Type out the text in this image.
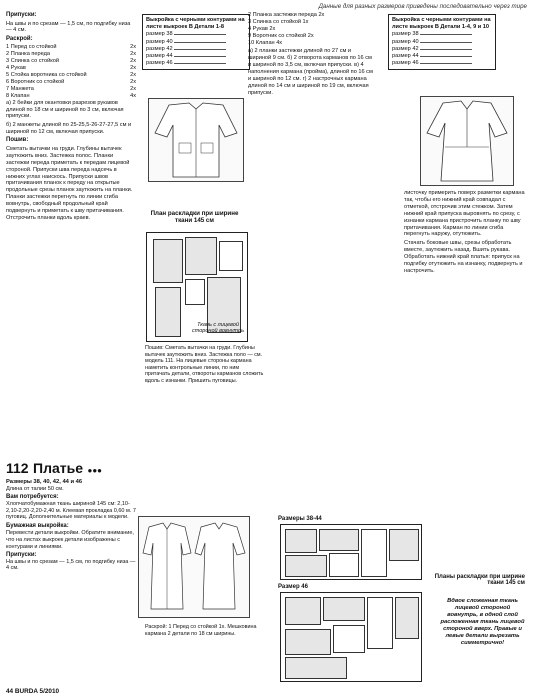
Данные для разных размеров приведены последовательно через тире

Припуски:

На швы и по срезам — 1,5 см, по подгибку низа — 4 см.

Раскрой:

1 Перед со стойкой	2x
2 Планка переда	2x
3 Спинка со стойкой	2x
4 Рукав	2x
5 Стойка воротника со стойкой	2x
6 Воротник со стойкой	2x
7 Манжета	2x
8 Клапан	4x

а) 2 бейки для окантовки разрезов рукавов длиной по 18 см и шириной по 3 см, включая припуски.

б) 2 манжеты длиной по 25-25,5-26-27-27,5 см и шириной по 12 см, включая припуски.

Пошив:

Сметать вытачки на груди. Глубины вытачек заутюжить вниз. Застежка полос. Планки застежки переда приметать к передам лицевой стороной. Припуски шва переда надсечь в нижних углах наискось. Припуски швов притачивания планок к переду на открытые продольные срезы планок заутюжить на планки. Планки застежки перегнуть по линии сгиба вовнутрь, свободный продольный край подвернуть и приметать к шву притачивания. Отстрочить планки вдоль краев.

112 Платье ●●●

Размеры 38, 40, 42, 44 и 46

Длина от талии 50 см.

Вам потребуется:

Хлопчатобумажная ткань шириной 145 см: 2,10-2,10-2,20-2,20-2,40 м. Клеевая прокладка 0,60 м. 7 пуговиц. Дополнительные материалы к модели.

Бумажная выкройка:

Перевести детали выкройки. Обратите внимание, что на листах выкроек детали изображены с контурами и линиями.

Припуски:

На швы и по срезам — 1,5 см, по подгибку низа — 4 см.

Выкройка с черными контурами на листе выкроек В Детали 1-8
размер 38
размер 40
размер 42
размер 44
размер 46
План раскладки при ширине ткани 145 см
Ткань с лицевой стороной вовнутрь

Пошив: Сметать вытачки на груди. Глубины вытачек заутюжить вниз. Застежка поло — см. модель 111. На лицевые стороны кармана наметить контрольные линии, по ним притачать детали, отвороты карманов сложить вдоль с изнанки. Пришить пуговицы.

2 Планка застежки переда 2x
3 Спинка со стойкой 1x
4 Рукав 2x
9 Воротник со стойкой 2x
10 Клапан 4x

а) 2 планки застежки длиной по 27 см и шириной 9 см. б) 2 отворота карманов по 16 см и шириной по 3,5 см, включая припуски. в) 4 наполнения кармана (пройма), длиной по 16 см и шириной по 12 см. г) 2 настрочных кармана длиной по 14 см и шириной по 19 см, включая припуски.

Выкройка с черными контурами на листе выкроек В Детали 1-4, 9 и 10
размер 38
размер 40
размер 42
размер 44
размер 46

листочку примерить поверх разметки кармана так, чтобы его нижний край совпадал с отметкой, отстрочив этим стежком. Затем нижний край припуска выровнять по срезу, с изнанки кармана пристрочить планку по шву притачивания. Карман по линии сгиба перегнуть наружу, отутюжить.

Стачать боковые швы, срезы обработать вместе, заутюжить назад. Вшить рукава. Обработать нижний край платья: припуск на подгибку отутюжить на изнанку, подвернуть и настрочить.

Раскрой: 1 Перед со стойкой 1x. Мешковина кармана 2 детали по 18 см ширины.
Размеры 38-44
Размер 46
Планы раскладки при ширине ткани 145 см
Вдвое сложенная ткань лицевой стороной вовнутрь, в одной слой расложенная ткань лицевой стороной вверх. Правые и левые детали вырезать симметрично!
44 BURDA 5/2010
